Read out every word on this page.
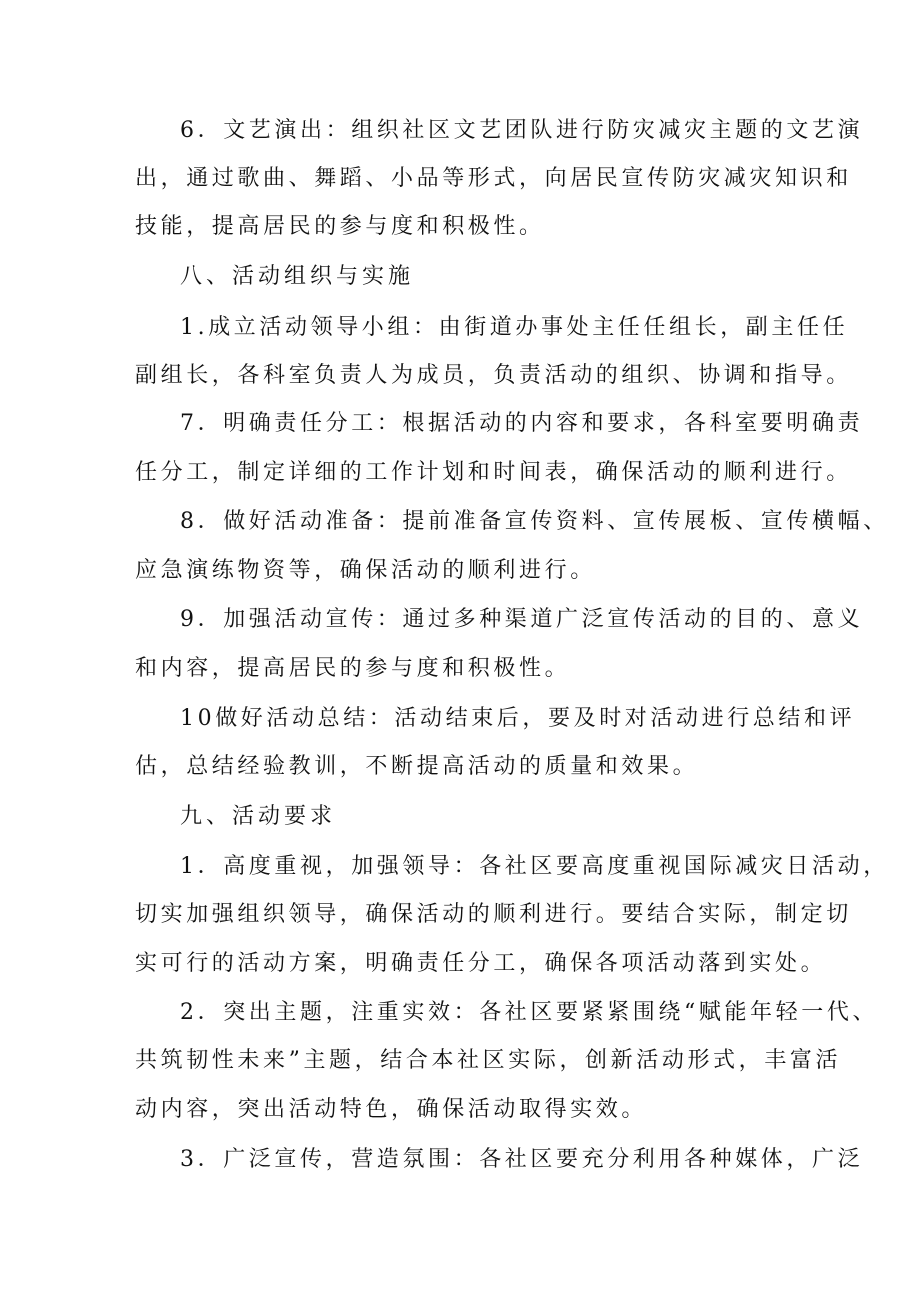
6．文艺演出：组织社区文艺团队进行防灾减灾主题的文艺演
出，通过歌曲、舞蹈、小品等形式，向居民宣传防灾减灾知识和
技能，提高居民的参与度和积极性。
八、活动组织与实施
1.成立活动领导小组：由街道办事处主任任组长，副主任任
副组长，各科室负责人为成员，负责活动的组织、协调和指导。
7．明确责任分工：根据活动的内容和要求，各科室要明确责
任分工，制定详细的工作计划和时间表，确保活动的顺利进行。
8．做好活动准备：提前准备宣传资料、宣传展板、宣传横幅、
应急演练物资等，确保活动的顺利进行。
9．加强活动宣传：通过多种渠道广泛宣传活动的目的、意义
和内容，提高居民的参与度和积极性。
10做好活动总结：活动结束后，要及时对活动进行总结和评
估，总结经验教训，不断提高活动的质量和效果。
九、活动要求
1．高度重视，加强领导：各社区要高度重视国际减灾日活动，
切实加强组织领导，确保活动的顺利进行。要结合实际，制定切
实可行的活动方案，明确责任分工，确保各项活动落到实处。
2．突出主题，注重实效：各社区要紧紧围绕“赋能年轻一代、
共筑韧性未来”主题，结合本社区实际，创新活动形式，丰富活
动内容，突出活动特色，确保活动取得实效。
3．广泛宣传，营造氛围：各社区要充分利用各种媒体，广泛
